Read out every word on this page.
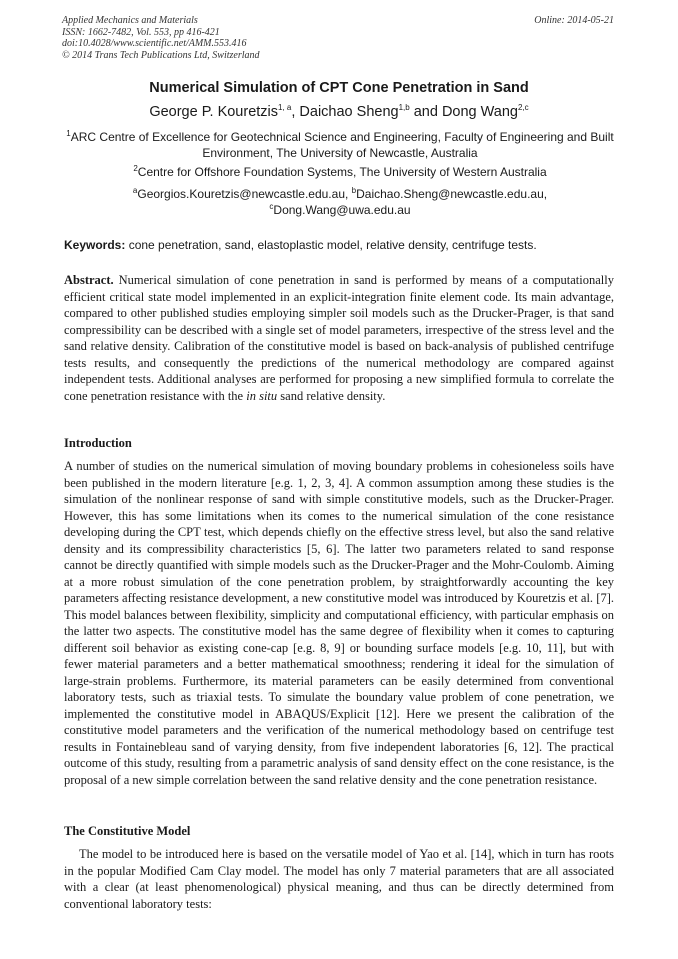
Applied Mechanics and Materials
ISSN: 1662-7482, Vol. 553, pp 416-421
doi:10.4028/www.scientific.net/AMM.553.416
© 2014 Trans Tech Publications Ltd, Switzerland
Online: 2014-05-21
Numerical Simulation of CPT Cone Penetration in Sand
George P. Kouretzis$^{1, a}$, Daichao Sheng$^{1,b}$ and Dong Wang$^{2,c}$
$^1$ARC Centre of Excellence for Geotechnical Science and Engineering, Faculty of Engineering and Built Environment, The University of Newcastle, Australia
$^2$Centre for Offshore Foundation Systems, The University of Western Australia
$^a$Georgios.Kouretzis@newcastle.edu.au, $^b$Daichao.Sheng@newcastle.edu.au,
$^c$Dong.Wang@uwa.edu.au
Keywords: cone penetration, sand, elastoplastic model, relative density, centrifuge tests.
Abstract. Numerical simulation of cone penetration in sand is performed by means of a computationally efficient critical state model implemented in an explicit-integration finite element code. Its main advantage, compared to other published studies employing simpler soil models such as the Drucker-Prager, is that sand compressibility can be described with a single set of model parameters, irrespective of the stress level and the sand relative density. Calibration of the constitutive model is based on back-analysis of published centrifuge tests results, and consequently the predictions of the numerical methodology are compared against independent tests. Additional analyses are performed for proposing a new simplified formula to correlate the cone penetration resistance with the in situ sand relative density.
Introduction
A number of studies on the numerical simulation of moving boundary problems in cohesioneless soils have been published in the modern literature [e.g. 1, 2, 3, 4]. A common assumption among these studies is the simulation of the nonlinear response of sand with simple constitutive models, such as the Drucker-Prager. However, this has some limitations when its comes to the numerical simulation of the cone resistance developing during the CPT test, which depends chiefly on the effective stress level, but also the sand relative density and its compressibility characteristics [5, 6]. The latter two parameters related to sand response cannot be directly quantified with simple models such as the Drucker-Prager and the Mohr-Coulomb. Aiming at a more robust simulation of the cone penetration problem, by straightforwardly accounting the key parameters affecting resistance development, a new constitutive model was introduced by Kouretzis et al. [7]. This model balances between flexibility, simplicity and computational efficiency, with particular emphasis on the latter two aspects. The constitutive model has the same degree of flexibility when it comes to capturing different soil behavior as existing cone-cap [e.g. 8, 9] or bounding surface models [e.g. 10, 11], but with fewer material parameters and a better mathematical smoothness; rendering it ideal for the simulation of large-strain problems. Furthermore, its material parameters can be easily determined from conventional laboratory tests, such as triaxial tests. To simulate the boundary value problem of cone penetration, we implemented the constitutive model in ABAQUS/Explicit [12]. Here we present the calibration of the constitutive model parameters and the verification of the numerical methodology based on centrifuge test results in Fontainebleau sand of varying density, from five independent laboratories [6, 12]. The practical outcome of this study, resulting from a parametric analysis of sand density effect on the cone resistance, is the proposal of a new simple correlation between the sand relative density and the cone penetration resistance.
The Constitutive Model
The model to be introduced here is based on the versatile model of Yao et al. [14], which in turn has roots in the popular Modified Cam Clay model. The model has only 7 material parameters that are all associated with a clear (at least phenomenological) physical meaning, and thus can be directly determined from conventional laboratory tests:
